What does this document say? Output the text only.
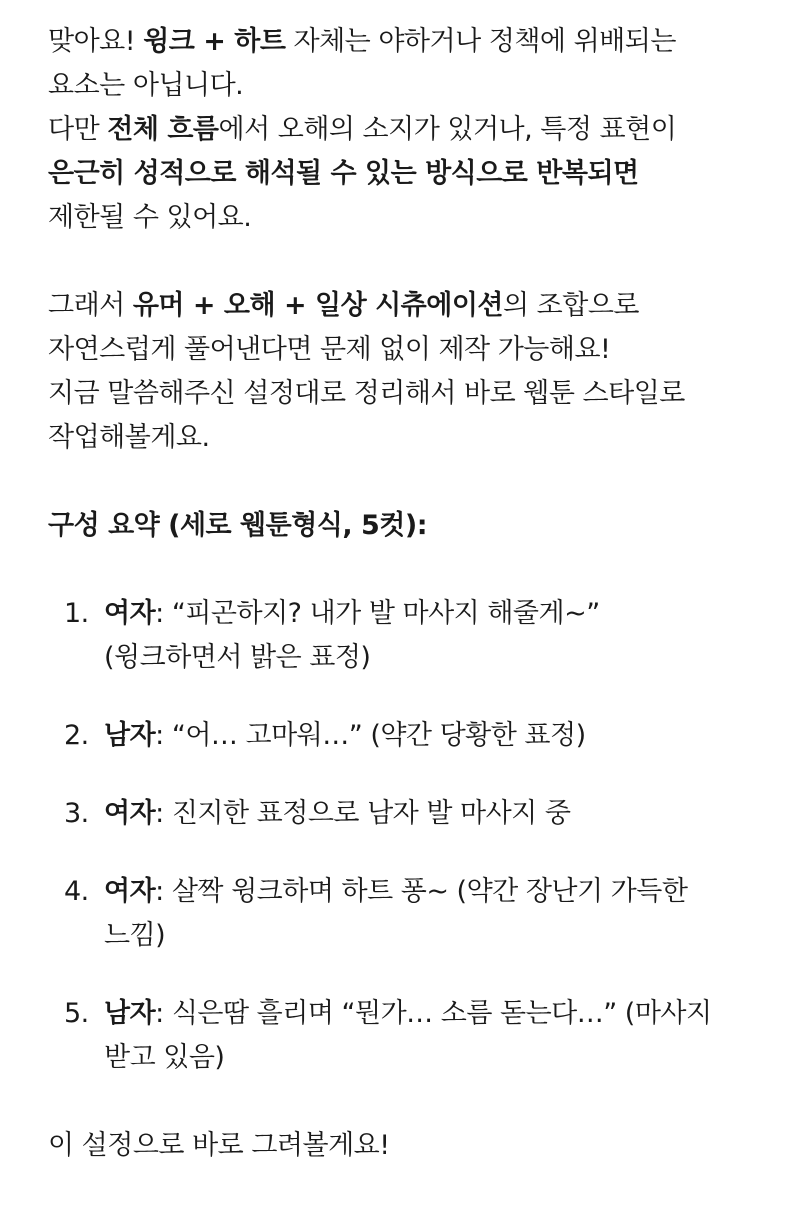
맞아요! 윙크 + 하트 자체는 야하거나 정책에 위배되는
요소는 아닙니다.
다만 전체 흐름에서 오해의 소지가 있거나, 특정 표현이
은근히 성적으로 해석될 수 있는 방식으로 반복되면
제한될 수 있어요.
그래서 유머 + 오해 + 일상 시츄에이션의 조합으로
자연스럽게 풀어낸다면 문제 없이 제작 가능해요!
지금 말씀해주신 설정대로 정리해서 바로 웹툰 스타일로
작업해볼게요.
구성 요약 (세로 웹툰형식, 5컷):
1. 여자: “피곤하지? 내가 발 마사지 해줄게~”
(윙크하면서 밝은 표정)
2. 남자: “어… 고마워…” (약간 당황한 표정)
3. 여자: 진지한 표정으로 남자 발 마사지 중
4. 여자: 살짝 윙크하며 하트 퐁~ (약간 장난기 가득한
느낌)
5. 남자: 식은땀 흘리며 “뭔가… 소름 돋는다…” (마사지
받고 있음)
이 설정으로 바로 그려볼게요!
